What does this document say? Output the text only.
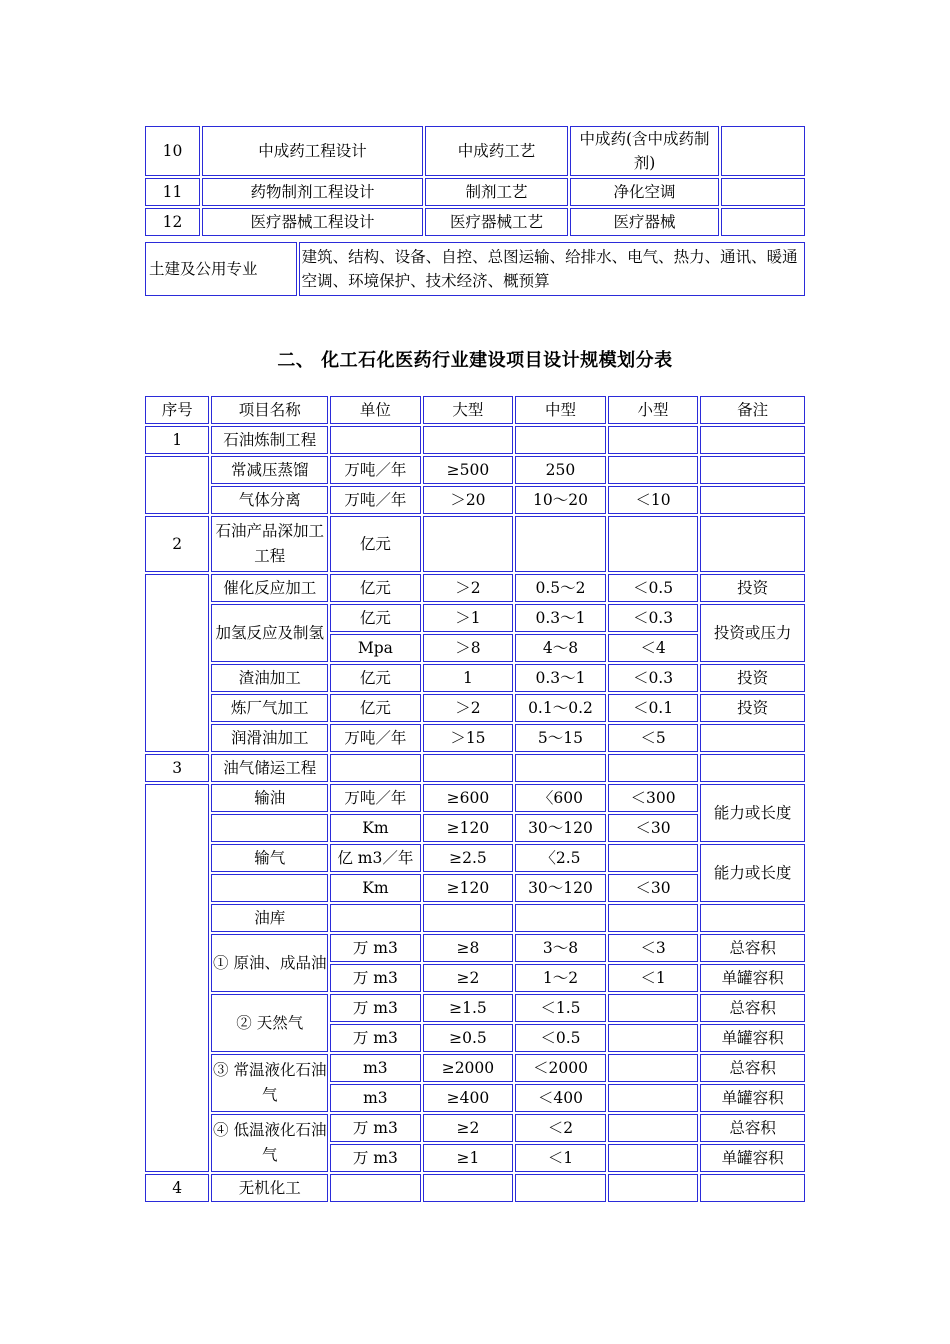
10	中成药工程设计	中成药工艺	中成药(含中成药制剂)	
11	药物制剂工程设计	制剂工艺	净化空调	
12	医疗器械工程设计	医疗器械工艺	医疗器械	
土建及公用专业	建筑、结构、设备、自控、总图运输、给排水、电气、热力、通讯、暖通空调、环境保护、技术经济、概预算
二、 化工石化医药行业建设项目设计规模划分表
序号	项目名称	单位	大型	中型	小型	备注
1	石油炼制工程					
	常减压蒸馏	万吨／年	≥500	250		
	气体分离	万吨／年	＞20	10～20	＜10	
2	石油产品深加工工程	亿元				
	催化反应加工	亿元	＞2	0.5～2	＜0.5	投资
	加氢反应及制氢	亿元	＞1	0.3～1	＜0.3	投资或压力
		Mpa	＞8	4～8	＜4	
	渣油加工	亿元	1	0.3～1	＜0.3	投资
	炼厂气加工	亿元	＞2	0.1～0.2	＜0.1	投资
	润滑油加工	万吨／年	＞15	5～15	＜5	
3	油气储运工程					
	输油	万吨／年	≥600	〈600	＜300	能力或长度
		Km	≥120	30～120	＜30	
	输气	亿 m3／年	≥2.5	〈2.5		能力或长度
		Km	≥120	30～120	＜30	
	油库					
	① 原油、成品油	万 m3	≥8	3～8	＜3	总容积
		万 m3	≥2	1～2	＜1	单罐容积
	② 天然气	万 m3	≥1.5	＜1.5		总容积
		万 m3	≥0.5	＜0.5		单罐容积
	③ 常温液化石油气	m3	≥2000	＜2000		总容积
		m3	≥400	＜400		单罐容积
	④ 低温液化石油气	万 m3	≥2	＜2		总容积
		万 m3	≥1	＜1		单罐容积
4	无机化工					
